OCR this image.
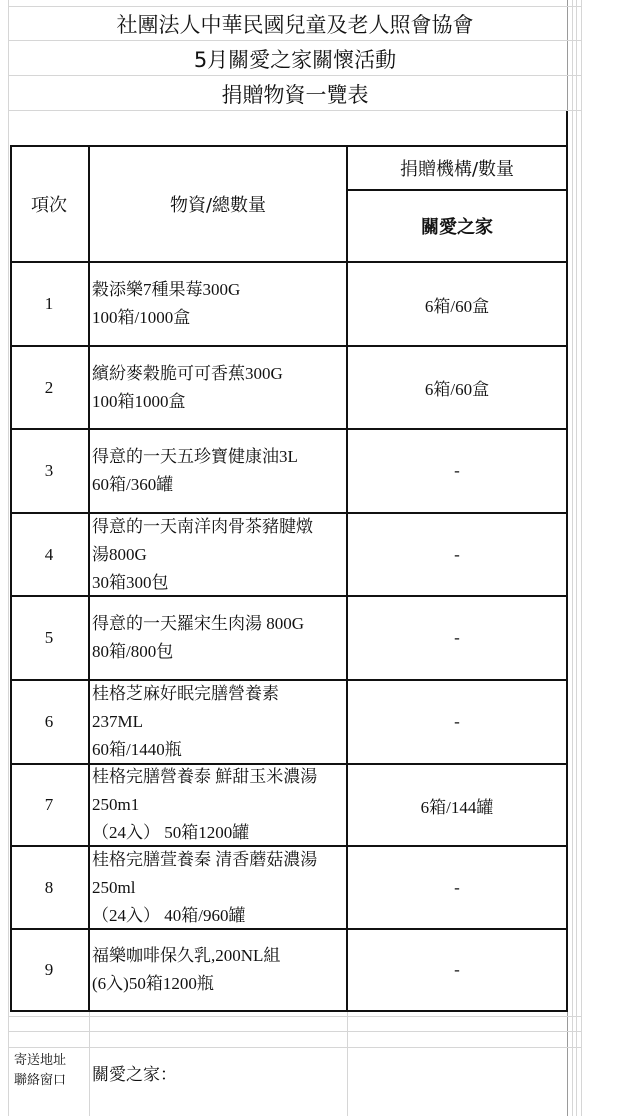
社團法人中華民國兒童及老人照會協會
5月關愛之家關懷活動
捐贈物資一覽表
項次	物資/總數量
捐贈機構/數量
關愛之家
1
穀添樂7種果莓300G
100箱/1000盒
6箱/60盒
2
繽紛麥穀脆可可香蕉300G
100箱1000盒
6箱/60盒
3
得意的一天五珍寶健康油3L
60箱/360罐
-
4
得意的一天南洋肉骨茶豬腱燉
湯800G
30箱300包
-
5
得意的一天羅宋生肉湯 800G
80箱/800包
-
6
桂格芝麻好眠完膳營養素
237ML
60箱/1440瓶
-
7
桂格完膳營養泰 鮮甜玉米濃湯
250m1
（24入） 50箱1200罐
6箱/144罐
8
桂格完膳萱養秦 清香蘑菇濃湯
250ml
（24入） 40箱/960罐
-
9
福樂咖啡保久乳,200NL組
(6入)50箱1200瓶
-
寄送地址
聯絡窗口	關愛之家：
